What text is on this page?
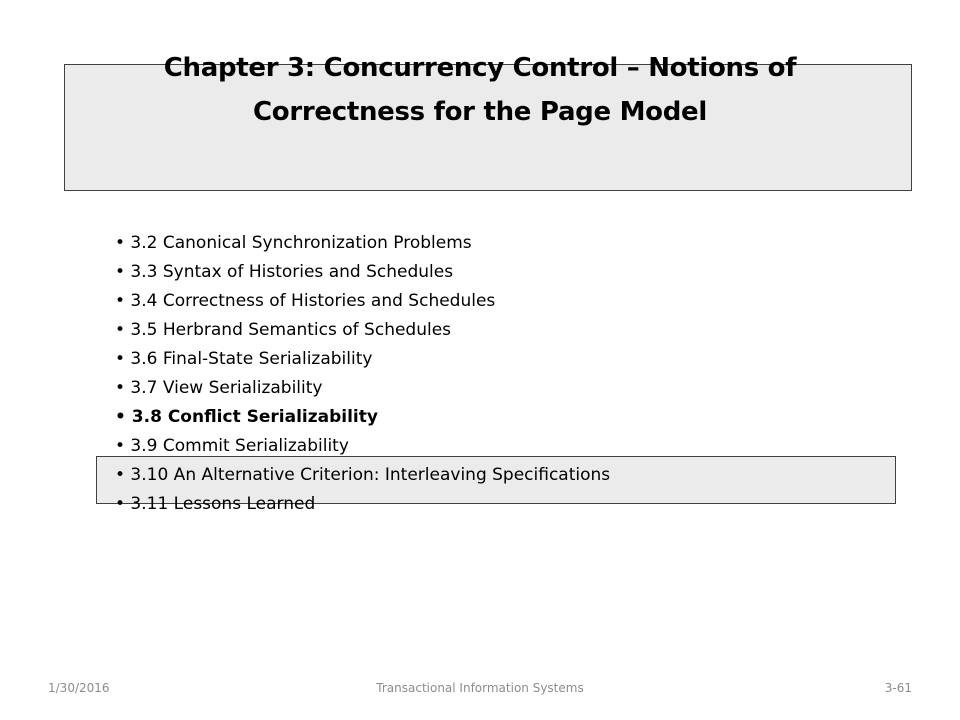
Chapter 3: Concurrency Control – Notions of
Correctness for the Page Model
• 3.2 Canonical Synchronization Problems
• 3.3 Syntax of Histories and Schedules
• 3.4 Correctness of Histories and Schedules
• 3.5 Herbrand Semantics of Schedules
• 3.6 Final-State Serializability
• 3.7 View Serializability
• 3.8 Conflict Serializability
• 3.9 Commit Serializability
• 3.10 An Alternative Criterion: Interleaving Specifications
• 3.11 Lessons Learned
1/30/2016	Transactional Information Systems	3-61
